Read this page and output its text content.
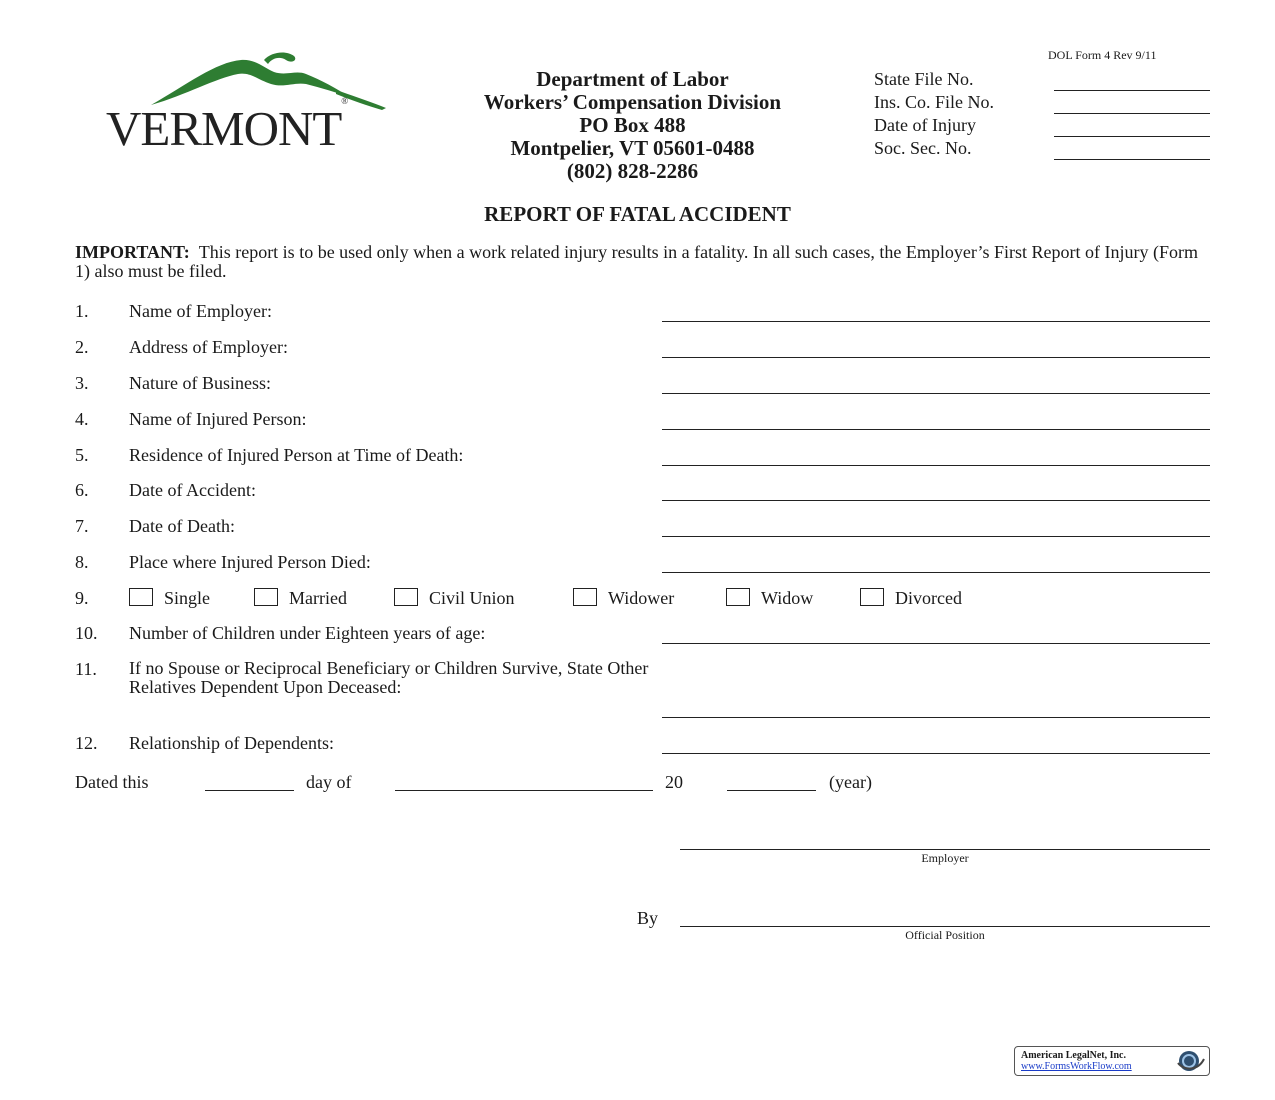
DOL Form 4 Rev 9/11
VERMONT®
Department of Labor
Workers’ Compensation Division
PO Box 488
Montpelier, VT 05601-0488
(802) 828-2286
State File No.
Ins. Co. File No.
Date of Injury
Soc. Sec. No.
REPORT OF FATAL ACCIDENT
IMPORTANT: This report is to be used only when a work related injury results in a fatality. In all such cases, the Employer’s First Report of Injury (Form 1) also must be filed.
1. Name of Employer:
2. Address of Employer:
3. Nature of Business:
4. Name of Injured Person:
5. Residence of Injured Person at Time of Death:
6. Date of Accident:
7. Date of Death:
8. Place where Injured Person Died:
9.	Single	Married	Civil Union	Widower	Widow	Divorced
10. Number of Children under Eighteen years of age:
11. If no Spouse or Reciprocal Beneficiary or Children Survive, State Other Relatives Dependent Upon Deceased:
12. Relationship of Dependents:
Dated this	day of	20	(year)
Employer
By
Official Position
American LegalNet, Inc.
www.FormsWorkFlow.com
